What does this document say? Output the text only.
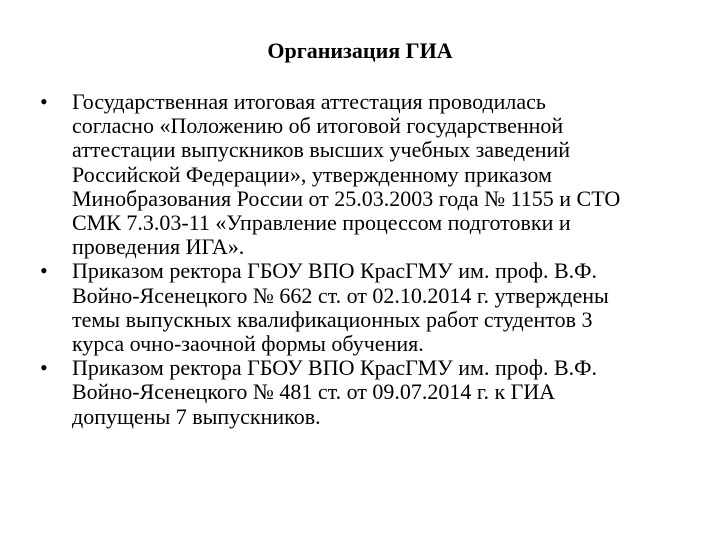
Организация ГИА
•	Государственная итоговая аттестация проводилась
согласно «Положению об итоговой государственной
аттестации выпускников высших учебных заведений
Российской Федерации», утвержденному приказом
Минобразования России от 25.03.2003 года № 1155 и СТО
СМК 7.3.03-11 «Управление процессом подготовки и
проведения ИГА».
•	Приказом ректора ГБОУ ВПО КрасГМУ им. проф. В.Ф.
Войно-Ясенецкого № 662 ст. от 02.10.2014 г. утверждены
темы выпускных квалификационных работ студентов 3
курса очно-заочной формы обучения.
•	Приказом ректора ГБОУ ВПО КрасГМУ им. проф. В.Ф.
Войно-Ясенецкого № 481 ст. от 09.07.2014 г. к ГИА
допущены 7 выпускников.
